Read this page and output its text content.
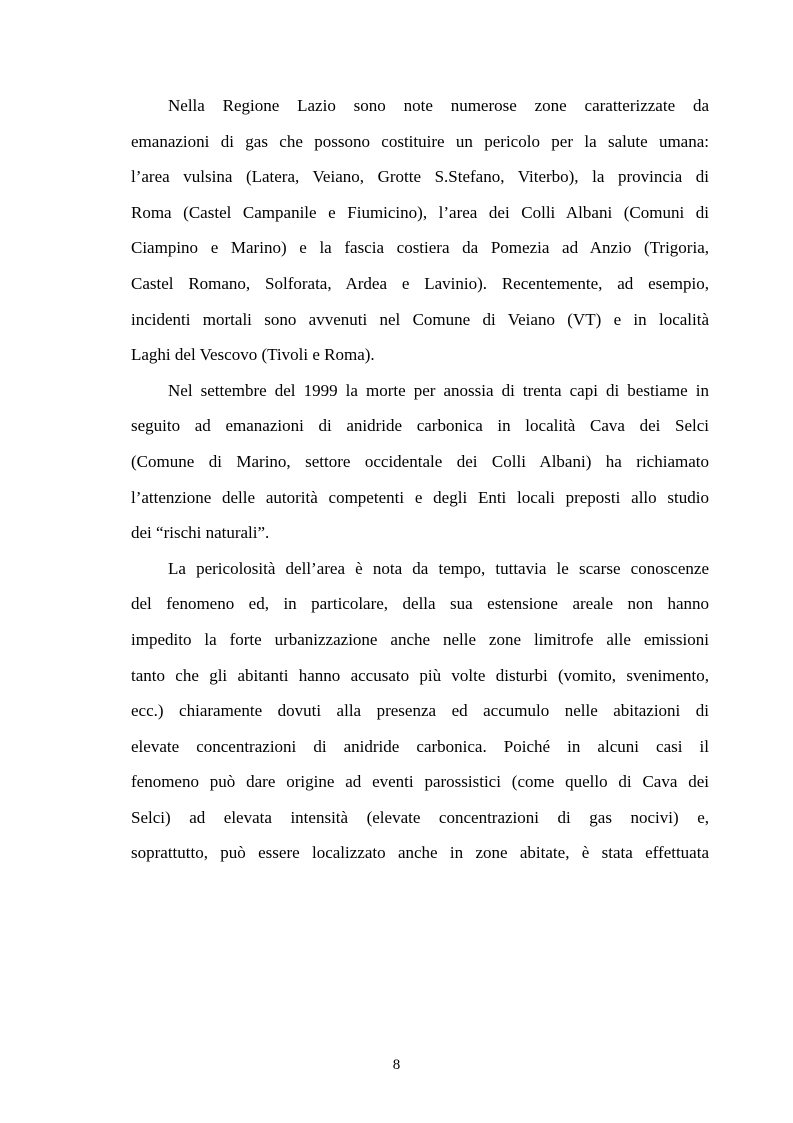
Nella Regione Lazio sono note numerose zone caratterizzate da
emanazioni di gas che possono costituire un pericolo per la salute umana:
l’area vulsina (Latera, Veiano, Grotte S.Stefano, Viterbo), la provincia di
Roma (Castel Campanile e Fiumicino), l’area dei Colli Albani (Comuni di
Ciampino e Marino) e la fascia costiera da Pomezia ad Anzio (Trigoria,
Castel Romano, Solforata, Ardea e Lavinio). Recentemente, ad esempio,
incidenti mortali sono avvenuti nel Comune di Veiano (VT) e in località
Laghi del Vescovo (Tivoli e Roma).
Nel settembre del 1999 la morte per anossia di trenta capi di bestiame in
seguito ad emanazioni di anidride carbonica in località Cava dei Selci
(Comune di Marino, settore occidentale dei Colli Albani) ha richiamato
l’attenzione delle autorità competenti e degli Enti locali preposti allo studio
dei “rischi naturali”.
La pericolosità dell’area è nota da tempo, tuttavia le scarse conoscenze
del fenomeno ed, in particolare, della sua estensione areale non hanno
impedito la forte urbanizzazione anche nelle zone limitrofe alle emissioni
tanto che gli abitanti hanno accusato più volte disturbi (vomito, svenimento,
ecc.) chiaramente dovuti alla presenza ed accumulo nelle abitazioni di
elevate concentrazioni di anidride carbonica. Poiché in alcuni casi il
fenomeno può dare origine ad eventi parossistici (come quello di Cava dei
Selci) ad elevata intensità (elevate concentrazioni di gas nocivi) e,
soprattutto, può essere localizzato anche in zone abitate, è stata effettuata
8
